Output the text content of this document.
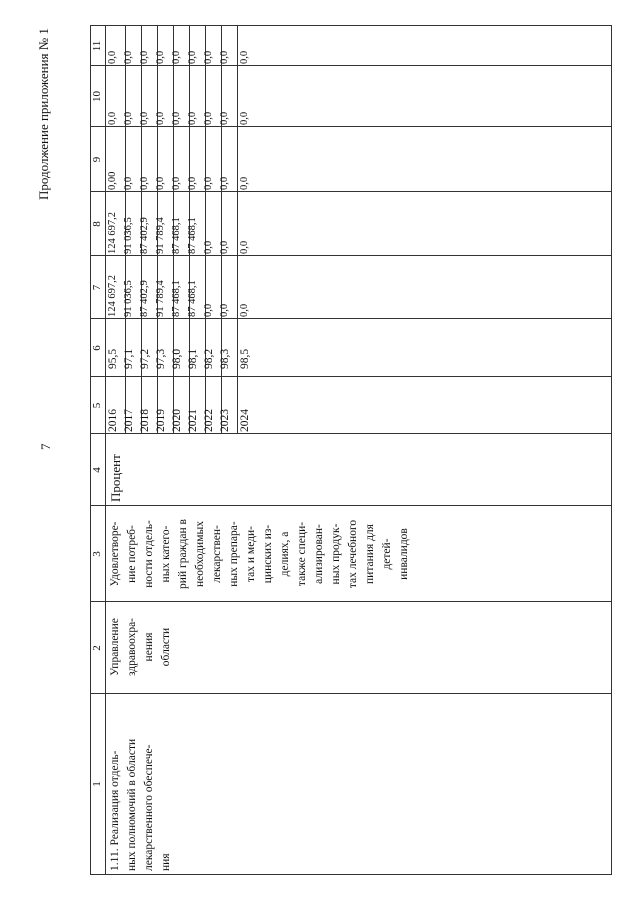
7
Продолжение приложения № 1
1
2
3
4
5
6
7
8
9
10
11
1.11. Реализация отдель-
ных полномочий в области
лекарственного обеспече-
ния
Управление
здравоохра-
нения
области
Удовлетворе-
ние потреб-
ности отдель-
ных катего-
рий граждан в
необходимых
лекарствен-
ных препара-
тах и меди-
цинских из-
делиях, а
также специ-
ализирован-
ных продук-
тах лечебного
питания для
детей-
инвалидов
Процент
2016
95,5
124 697,2
124 697,2
0,00
0,0
0,0
2017
97,1
91 036,5
91 036,5
0,0
0,0
0,0
2018
97,2
87 402,9
87 402,9
0,0
0,0
0,0
2019
97,3
91 789,4
91 789,4
0,0
0,0
0,0
2020
98,0
87 468,1
87 468,1
0,0
0,0
0,0
2021
98,1
87 468,1
87 468,1
0,0
0,0
0,0
2022
98,2
0,0
0,0
0,0
0,0
0,0
2023
98,3
0,0
0,0
0,0
0,0
0,0
2024
98,5
0,0
0,0
0,0
0,0
0,0
